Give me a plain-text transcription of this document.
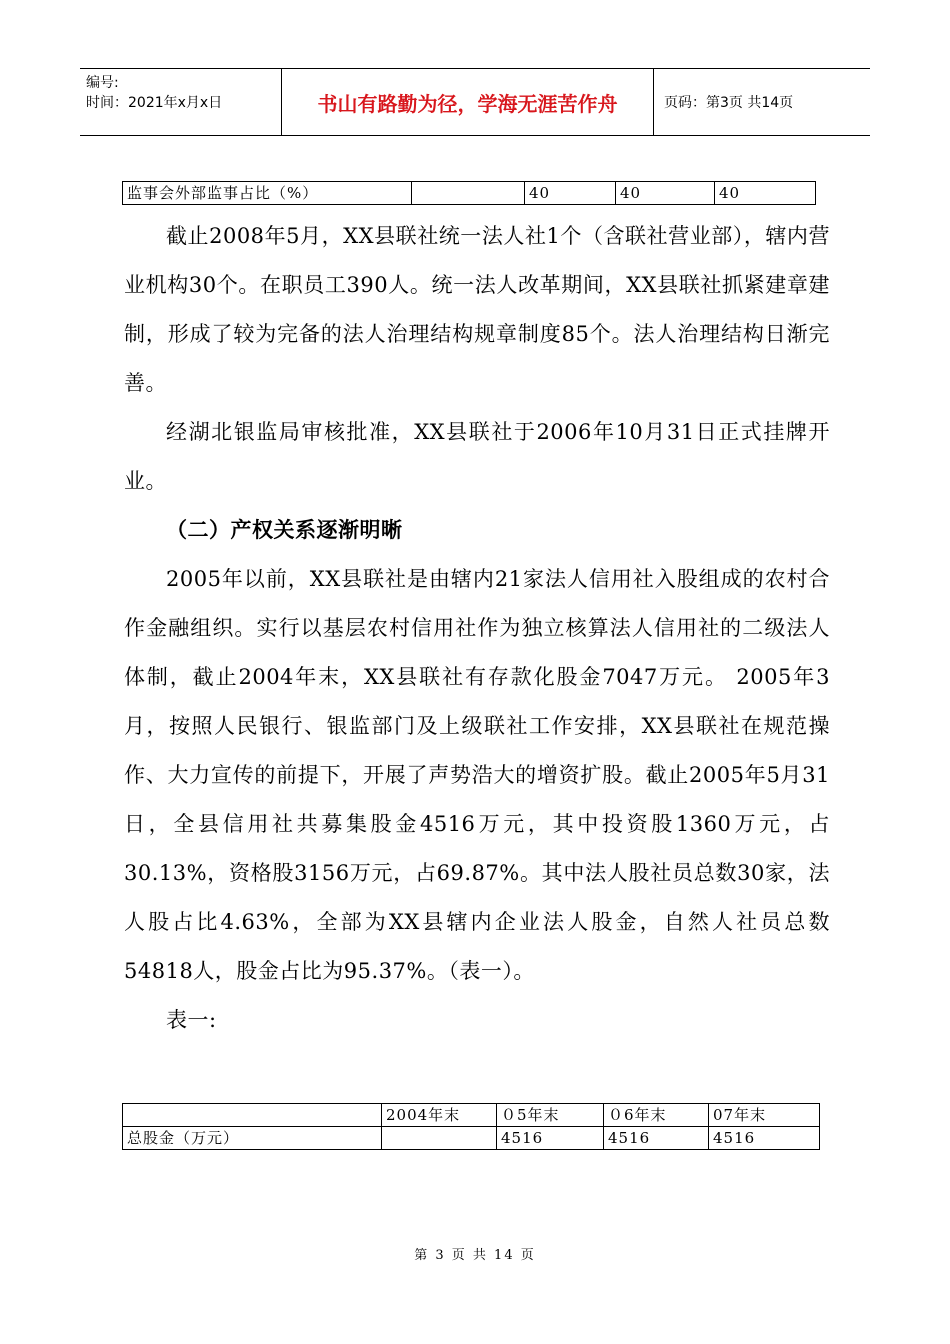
编号:
时间：2021年x月x日	书山有路勤为径，学海无涯苦作舟	页码：第3页 共14页
监事会外部监事占比（%）		40	40	40

截止2008年5月，XX县联社统一法人社1个（含联社营业部），辖内营业机构30个。在职员工390人。统一法人改革期间，XX县联社抓紧建章建制，形成了较为完备的法人治理结构规章制度85个。法人治理结构日渐完善。

经湖北银监局审核批准，XX县联社于2006年10月31日正式挂牌开业。

（二）产权关系逐渐明晰

2005年以前，XX县联社是由辖内21家法人信用社入股组成的农村合作金融组织。实行以基层农村信用社作为独立核算法人信用社的二级法人体制，截止2004年末，XX县联社有存款化股金7047万元。 2005年3月，按照人民银行、银监部门及上级联社工作安排，XX县联社在规范操作、大力宣传的前提下，开展了声势浩大的增资扩股。截止2005年5月31日，全县信用社共募集股金4516万元，其中投资股1360万元，占30.13%，资格股3156万元，占69.87%。其中法人股社员总数30家，法人股占比4.63%，全部为XX县辖内企业法人股金，自然人社员总数54818人，股金占比为95.37%。（表一）。

表一:

	2004年末	０5年末	０6年末	07年末
总股金（万元）		4516	4516	4516
第 3 页 共 14 页
